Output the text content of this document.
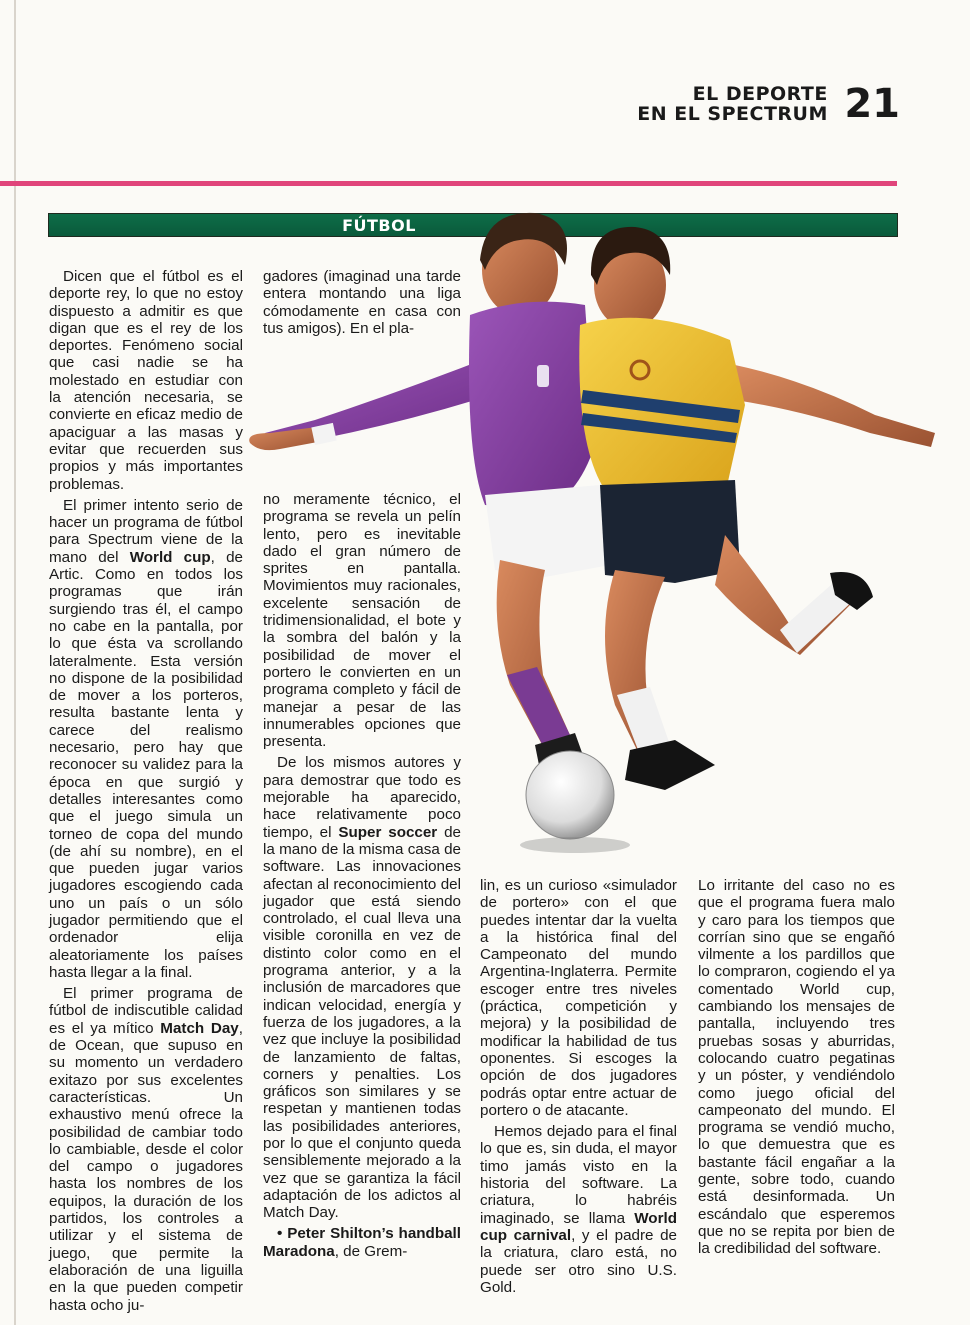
EL DEPORTE
EN EL SPECTRUM 21
FÚTBOL

Dicen que el fútbol es el deporte rey, lo que no estoy dispuesto a admitir es que digan que es el rey de los deportes. Fenómeno social que casi nadie se ha molestado en estudiar con la atención necesaria, se convierte en eficaz medio de apaciguar a las masas y evitar que recuerden sus propios y más importantes problemas.

El primer intento serio de hacer un programa de fútbol para Spectrum viene de la mano del World cup, de Artic. Como en todos los programas que irán surgiendo tras él, el campo no cabe en la pantalla, por lo que ésta va scrollando lateralmente. Esta versión no dispone de la posibilidad de mover a los porteros, resulta bastante lenta y carece del realismo necesario, pero hay que reconocer su validez para la época en que surgió y detalles interesantes como que el juego simula un torneo de copa del mundo (de ahí su nombre), en el que pueden jugar varios jugadores escogiendo cada uno un país o un sólo jugador permitiendo que el ordenador elija aleatoriamente los países hasta llegar a la final.

El primer programa de fútbol de indiscutible calidad es el ya mítico Match Day, de Ocean, que supuso en su momento un verdadero exitazo por sus excelentes características. Un exhaustivo menú ofrece la posibilidad de cambiar todo lo cambiable, desde el color del campo o jugadores hasta los nombres de los equipos, la duración de los partidos, los controles a utilizar y el sistema de juego, que permite la elaboración de una liguilla en la que pueden competir hasta ocho ju-

gadores (imaginad una tarde entera montando una liga cómodamente en casa con tus amigos). En el pla-

no meramente técnico, el programa se revela un pelín lento, pero es inevitable dado el gran número de sprites en pantalla. Movimientos muy racionales, excelente sensación de tridimensionalidad, el bote y la sombra del balón y la posibilidad de mover el portero le convierten en un programa completo y fácil de manejar a pesar de las innumerables opciones que presenta.

De los mismos autores y para demostrar que todo es mejorable ha aparecido, hace relativamente poco tiempo, el Super soccer de la mano de la misma casa de software. Las innovaciones afectan al reconocimiento del jugador que está siendo controlado, el cual lleva una visible coronilla en vez de distinto color como en el programa anterior, y a la inclusión de marcadores que indican velocidad, energía y fuerza de los jugadores, a la vez que incluye la posibilidad de lanzamiento de faltas, corners y penalties. Los gráficos son similares y se respetan y mantienen todas las posibilidades anteriores, por lo que el conjunto queda sensiblemente mejorado a la vez que se garantiza la fácil adaptación de los adictos al Match Day.

• Peter Shilton’s handball Maradona, de Grem-

lin, es un curioso «simulador de portero» con el que puedes intentar dar la vuelta a la histórica final del Campeonato del mundo Argentina-Inglaterra. Permite escoger entre tres niveles (práctica, competición y mejora) y la posibilidad de modificar la habilidad de tus oponentes. Si escoges la opción de dos jugadores podrás optar entre actuar de portero o de atacante.

Hemos dejado para el final lo que es, sin duda, el mayor timo jamás visto en la historia del software. La criatura, lo habréis imaginado, se llama World cup carnival, y el padre de la criatura, claro está, no puede ser otro sino U.S. Gold.

Lo irritante del caso no es que el programa fuera malo y caro para los tiempos que corrían sino que se engañó vilmente a los pardillos que lo compraron, cogiendo el ya comentado World cup, cambiando los mensajes de pantalla, incluyendo tres pruebas sosas y aburridas, colocando cuatro pegatinas y un póster, y vendiéndolo como juego oficial del campeonato del mundo. El programa se vendió mucho, lo que demuestra que es bastante fácil engañar a la gente, sobre todo, cuando está desinformada. Un escándalo que esperemos que no se repita por bien de la credibilidad del software.
